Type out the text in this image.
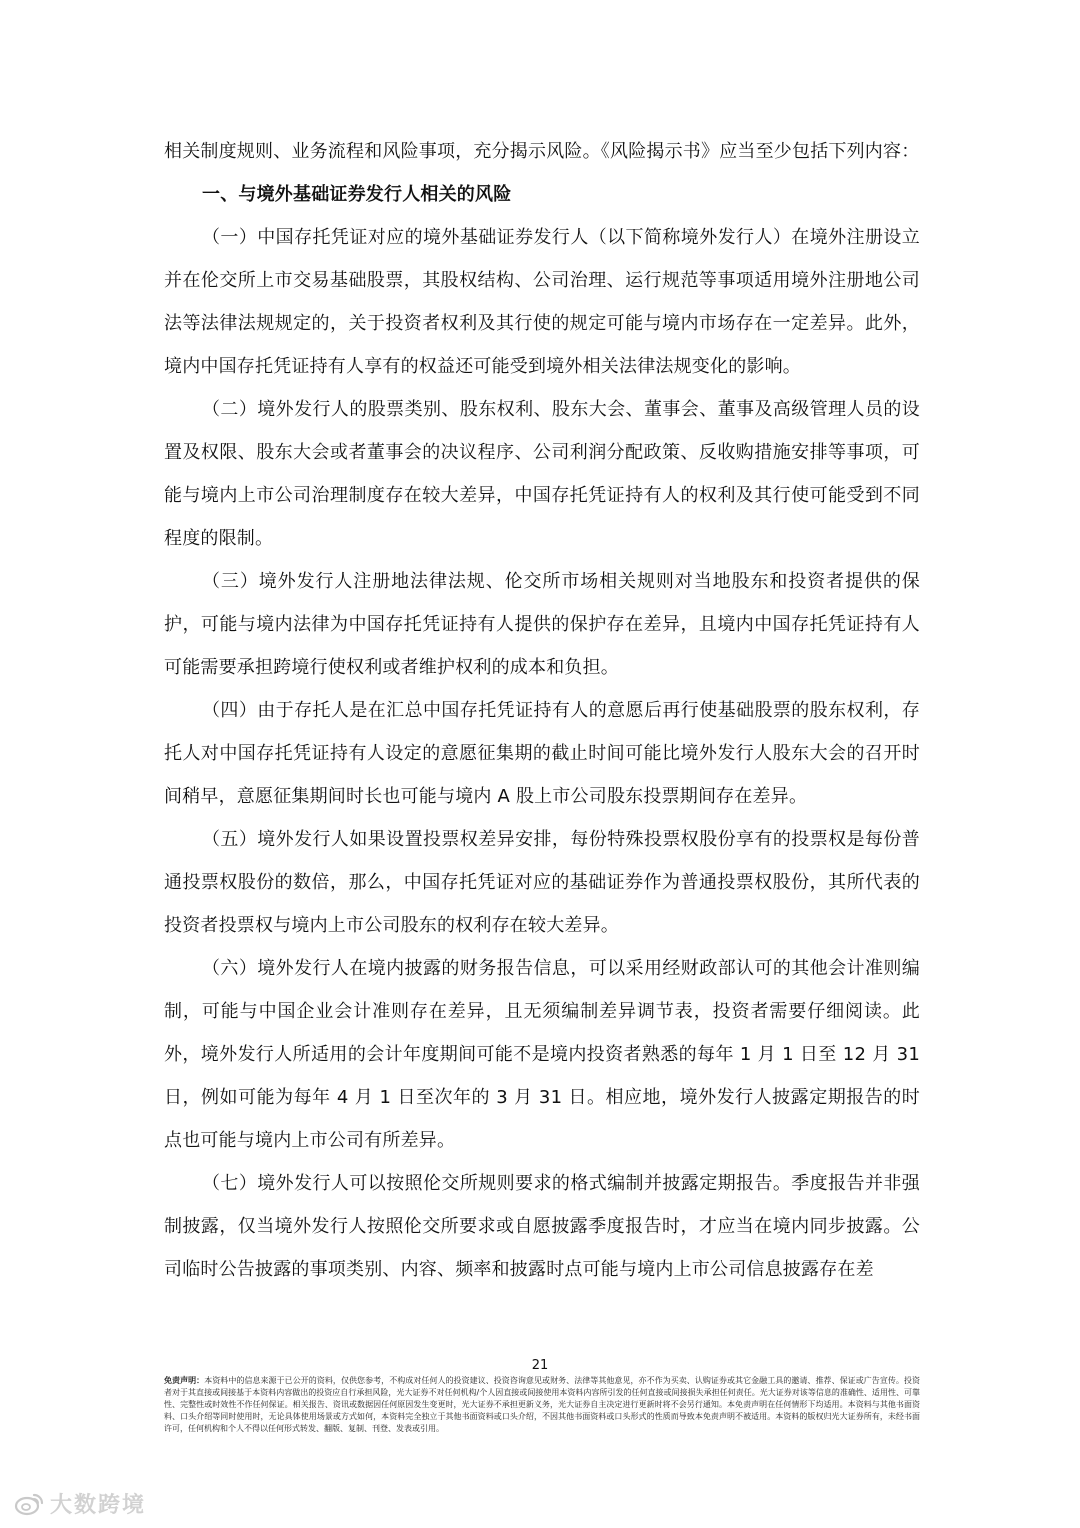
相关制度规则、业务流程和风险事项，充分揭示风险。《风险揭示书》应当至少包括下列内容：

一、与境外基础证券发行人相关的风险

（一）中国存托凭证对应的境外基础证券发行人（以下简称境外发行人）在境外注册设立并在伦交所上市交易基础股票，其股权结构、公司治理、运行规范等事项适用境外注册地公司法等法律法规规定的，关于投资者权利及其行使的规定可能与境内市场存在一定差异。此外，境内中国存托凭证持有人享有的权益还可能受到境外相关法律法规变化的影响。

（二）境外发行人的股票类别、股东权利、股东大会、董事会、董事及高级管理人员的设置及权限、股东大会或者董事会的决议程序、公司利润分配政策、反收购措施安排等事项，可能与境内上市公司治理制度存在较大差异，中国存托凭证持有人的权利及其行使可能受到不同程度的限制。

（三）境外发行人注册地法律法规、伦交所市场相关规则对当地股东和投资者提供的保护，可能与境内法律为中国存托凭证持有人提供的保护存在差异，且境内中国存托凭证持有人可能需要承担跨境行使权利或者维护权利的成本和负担。

（四）由于存托人是在汇总中国存托凭证持有人的意愿后再行使基础股票的股东权利，存托人对中国存托凭证持有人设定的意愿征集期的截止时间可能比境外发行人股东大会的召开时间稍早，意愿征集期间时长也可能与境内 A 股上市公司股东投票期间存在差异。

（五）境外发行人如果设置投票权差异安排，每份特殊投票权股份享有的投票权是每份普通投票权股份的数倍，那么，中国存托凭证对应的基础证券作为普通投票权股份，其所代表的投资者投票权与境内上市公司股东的权利存在较大差异。

（六）境外发行人在境内披露的财务报告信息，可以采用经财政部认可的其他会计准则编制，可能与中国企业会计准则存在差异，且无须编制差异调节表，投资者需要仔细阅读。此外，境外发行人所适用的会计年度期间可能不是境内投资者熟悉的每年 1 月 1 日至 12 月 31 日，例如可能为每年 4 月 1 日至次年的 3 月 31 日。相应地，境外发行人披露定期报告的时点也可能与境内上市公司有所差异。

（七）境外发行人可以按照伦交所规则要求的格式编制并披露定期报告。季度报告并非强制披露，仅当境外发行人按照伦交所要求或自愿披露季度报告时，才应当在境内同步披露。公司临时公告披露的事项类别、内容、频率和披露时点可能与境内上市公司信息披露存在差

21
免责声明：本资料中的信息来源于已公开的资料，仅供您参考，不构成对任何人的投资建议、投资咨询意见或财务、法律等其他意见，亦不作为买卖、认购证券或其它金融工具的邀请、推荐、保证或广告宣传。投资者对于其直接或间接基于本资料内容做出的投资应自行承担风险，光大证券不对任何机构/个人因直接或间接使用本资料内容所引发的任何直接或间接损失承担任何责任。光大证券对该等信息的准确性、适用性、可靠性、完整性或时效性不作任何保证。相关报告、资讯或数据因任何原因发生变更时，光大证券不承担更新义务，光大证券自主决定进行更新时将不会另行通知。本免责声明在任何情形下均适用。本资料与其他书面资料、口头介绍等同时使用时，无论具体使用场景或方式如何，本资料完全独立于其他书面资料或口头介绍，不因其他书面资料或口头形式的性质而导致本免责声明不被适用。本资料的版权归光大证券所有，未经书面许可，任何机构和个人不得以任何形式转发、翻版、复制、刊登、发表或引用。
大数跨境
